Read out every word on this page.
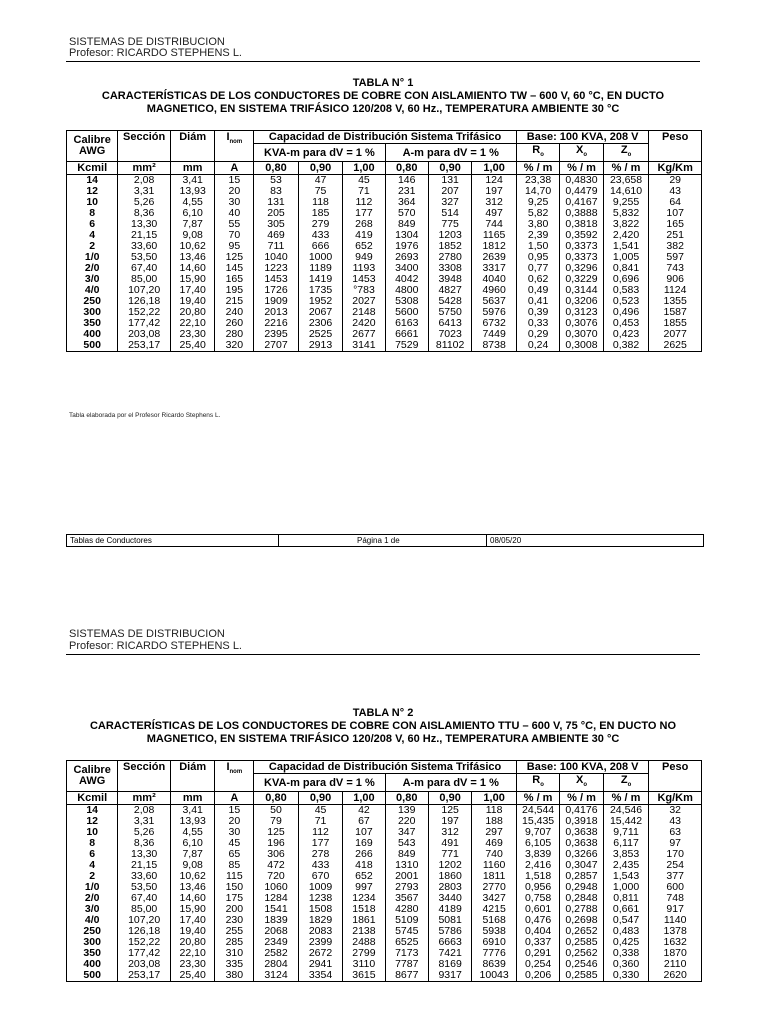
SISTEMAS DE DISTRIBUCION
Profesor: RICARDO STEPHENS L.
TABLA N° 1
CARACTERÍSTICAS DE LOS CONDUCTORES DE COBRE CON AISLAMIENTO TW – 600 V, 60 °C, EN DUCTO
MAGNETICO, EN SISTEMA TRIFÁSICO 120/208 V, 60 Hz., TEMPERATURA AMBIENTE 30 °C
Calibre
AWG	Sección	Diám	$I_{nom}$	Capacidad de Distribución Sistema Trifásico						Base: 100 KVA, 208 V			Peso
				KVA-m para dV = 1 %			A-m para dV = 1 %			$R_o$	$X_o$	$Z_o$
Kcmil	mm²	mm	A	0,80	0,90	1,00	0,80	0,90	1,00	% / m	% / m	% / m	Kg/Km
14	2,08	3,41	15	53	47	45	146	131	124	23,38	0,4830	23,658	29
12	3,31	13,93	20	83	75	71	231	207	197	14,70	0,4479	14,610	43
10	5,26	4,55	30	131	118	112	364	327	312	9,25	0,4167	9,255	64
8	8,36	6,10	40	205	185	177	570	514	497	5,82	0,3888	5,832	107
6	13,30	7,87	55	305	279	268	849	775	744	3,80	0,3818	3,822	165
4	21,15	9,08	70	469	433	419	1304	1203	1165	2,39	0,3592	2,420	251
2	33,60	10,62	95	711	666	652	1976	1852	1812	1,50	0,3373	1,541	382
1/0	53,50	13,46	125	1040	1000	949	2693	2780	2639	0,95	0,3373	1,005	597
2/0	67,40	14,60	145	1223	1189	1193	3400	3308	3317	0,77	0,3296	0,841	743
3/0	85,00	15,90	165	1453	1419	1453	4042	3948	4040	0,62	0,3229	0,696	906
4/0	107,20	17,40	195	1726	1735	°783	4800	4827	4960	0,49	0,3144	0,583	1124
250	126,18	19,40	215	1909	1952	2027	5308	5428	5637	0,41	0,3206	0,523	1355
300	152,22	20,80	240	2013	2067	2148	5600	5750	5976	0,39	0,3123	0,496	1587
350	177,42	22,10	260	2216	2306	2420	6163	6413	6732	0,33	0,3076	0,453	1855
400	203,08	23,30	280	2395	2525	2677	6661	7023	7449	0,29	0,3070	0,423	2077
500	253,17	25,40	320	2707	2913	3141	7529	81102	8738	0,24	0,3008	0,382	2625
Tabla elaborada por el Profesor Ricardo Stephens L.
Tablas de Conductores	Página 1 de	08/05/20
SISTEMAS DE DISTRIBUCION
Profesor: RICARDO STEPHENS L.
TABLA N° 2
CARACTERÍSTICAS DE LOS CONDUCTORES DE COBRE CON AISLAMIENTO TTU – 600 V, 75 °C, EN DUCTO NO
MAGNETICO, EN SISTEMA TRIFÁSICO 120/208 V, 60 Hz., TEMPERATURA AMBIENTE 30 °C
Calibre
AWG	Sección	Diám	$I_{nom}$	Capacidad de Distribución Sistema Trifásico						Base: 100 KVA, 208 V			Peso
				KVA-m para dV = 1 %			A-m para dV = 1 %			$R_o$	$X_o$	$Z_o$
Kcmil	mm²	mm	A	0,80	0,90	1,00	0,80	0,90	1,00	% / m	% / m	% / m	Kg/Km
14	2,08	3,41	15	50	45	42	139	125	118	24,544	0,4176	24,546	32
12	3,31	13,93	20	79	71	67	220	197	188	15,435	0,3918	15,442	43
10	5,26	4,55	30	125	112	107	347	312	297	9,707	0,3638	9,711	63
8	8,36	6,10	45	196	177	169	543	491	469	6,105	0,3638	6,117	97
6	13,30	7,87	65	306	278	266	849	771	740	3,839	0,3266	3,853	170
4	21,15	9,08	85	472	433	418	1310	1202	1160	2,416	0,3047	2,435	254
2	33,60	10,62	115	720	670	652	2001	1860	1811	1,518	0,2857	1,543	377
1/0	53,50	13,46	150	1060	1009	997	2793	2803	2770	0,956	0,2948	1,000	600
2/0	67,40	14,60	175	1284	1238	1234	3567	3440	3427	0,758	0,2848	0,811	748
3/0	85,00	15,90	200	1541	1508	1518	4280	4189	4215	0,601	0,2788	0,661	917
4/0	107,20	17,40	230	1839	1829	1861	5109	5081	5168	0,476	0,2698	0,547	1140
250	126,18	19,40	255	2068	2083	2138	5745	5786	5938	0,404	0,2652	0,483	1378
300	152,22	20,80	285	2349	2399	2488	6525	6663	6910	0,337	0,2585	0,425	1632
350	177,42	22,10	310	2582	2672	2799	7173	7421	7776	0,291	0,2562	0,338	1870
400	203,08	23,30	335	2804	2941	3110	7787	8169	8639	0,254	0,2546	0,360	2110
500	253,17	25,40	380	3124	3354	3615	8677	9317	10043	0,206	0,2585	0,330	2620
